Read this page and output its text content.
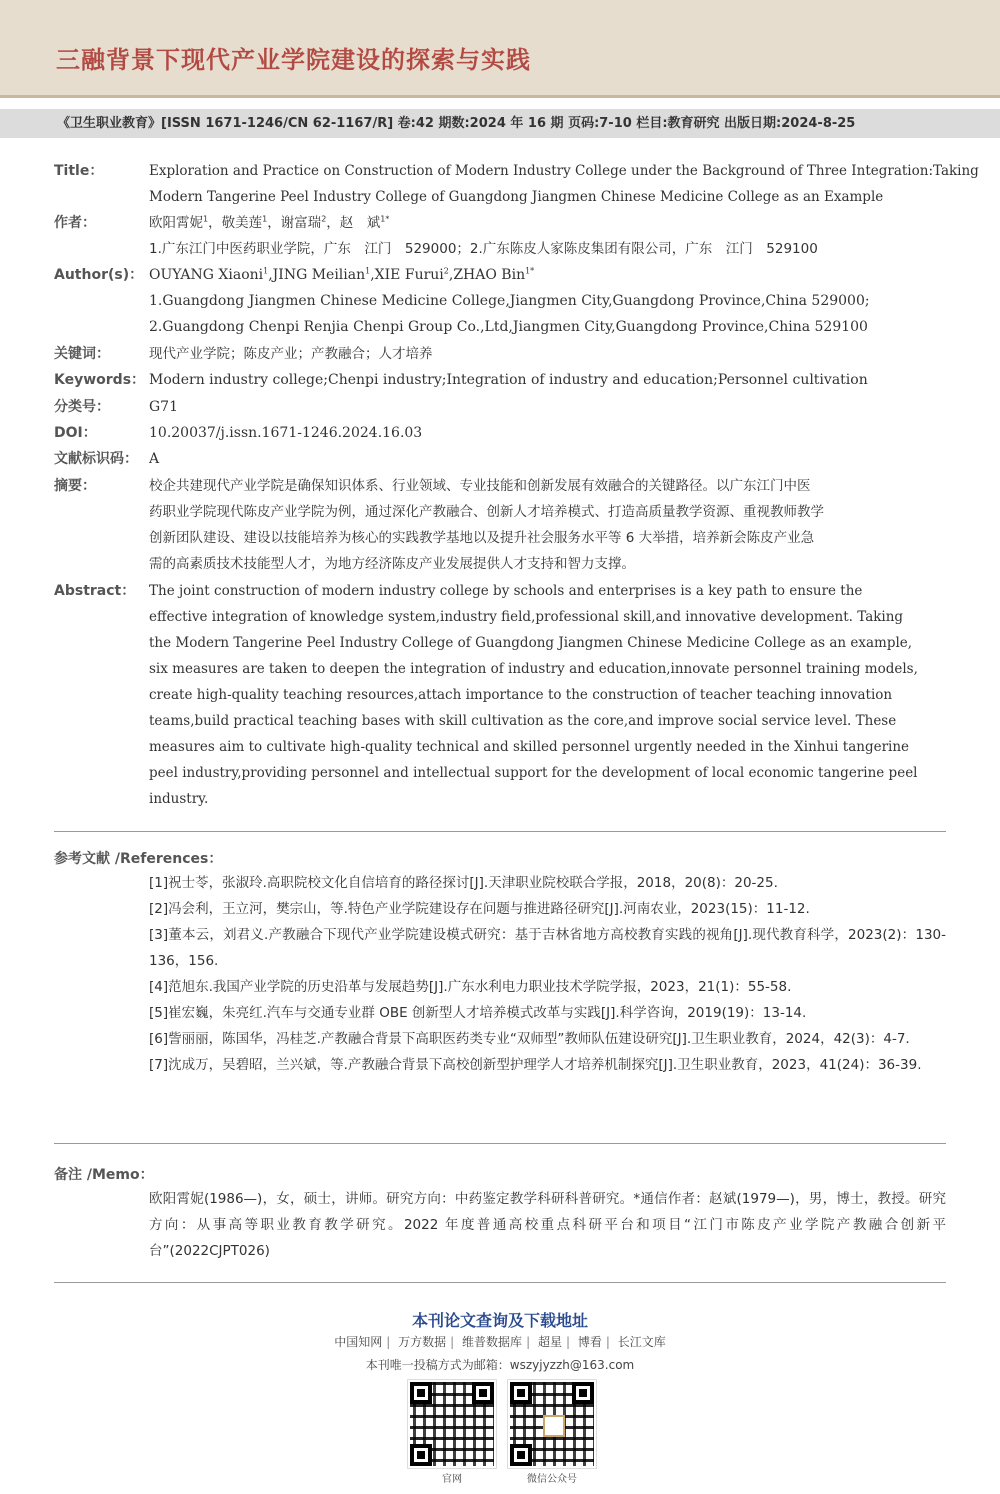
三融背景下现代产业学院建设的探索与实践
《卫生职业教育》[ISSN 1671-1246/CN 62-1167/R] 卷:42 期数:2024 年 16 期 页码:7-10 栏目:教育研究 出版日期:2024-8-25
Title：	Exploration and Practice on Construction of Modern Industry College under the Background of Three Integration:Taking
Modern Tangerine Peel Industry College of Guangdong Jiangmen Chinese Medicine College as an Example
作者：	欧阳霄妮$^1$，敬美莲$^1$，谢富瑞$^2$，赵　斌$^{1*}$
1.广东江门中医药职业学院，广东　江门　529000；2.广东陈皮人家陈皮集团有限公司，广东　江门　529100
Author(s)： OUYANG Xiaoni$^1$,JING Meilian$^1$,XIE Furui$^2$,ZHAO Bin$^{1*}$
1.Guangdong Jiangmen Chinese Medicine College,Jiangmen City,Guangdong Province,China 529000;
2.Guangdong Chenpi Renjia Chenpi Group Co.,Ltd,Jiangmen City,Guangdong Province,China 529100
关键词：	现代产业学院；陈皮产业；产教融合；人才培养
Keywords： Modern industry college;Chenpi industry;Integration of industry and education;Personnel cultivation
分类号：	G71
DOI：	10.20037/j.issn.1671-1246.2024.16.03
文献标识码： A
摘要：	校企共建现代产业学院是确保知识体系、行业领域、专业技能和创新发展有效融合的关键路径。以广东江门中医
药职业学院现代陈皮产业学院为例，通过深化产教融合、创新人才培养模式、打造高质量教学资源、重视教师教学
创新团队建设、建设以技能培养为核心的实践教学基地以及提升社会服务水平等 6 大举措，培养新会陈皮产业急
需的高素质技术技能型人才，为地方经济陈皮产业发展提供人才支持和智力支撑。
Abstract： The joint construction of modern industry college by schools and enterprises is a key path to ensure the
effective integration of knowledge system,industry field,professional skill,and innovative development. Taking
the Modern Tangerine Peel Industry College of Guangdong Jiangmen Chinese Medicine College as an example,
six measures are taken to deepen the integration of industry and education,innovate personnel training models,
create high-quality teaching resources,attach importance to the construction of teacher teaching innovation
teams,build practical teaching bases with skill cultivation as the core,and improve social service level. These
measures aim to cultivate high-quality technical and skilled personnel urgently needed in the Xinhui tangerine
peel industry,providing personnel and intellectual support for the development of local economic tangerine peel
industry.
参考文献 /References：
[1]祝士苓，张淑玲.高职院校文化自信培育的路径探讨[J].天津职业院校联合学报，2018，20(8)：20-25.
[2]冯会利，王立河，樊宗山，等.特色产业学院建设存在问题与推进路径研究[J].河南农业，2023(15)：11-12.
[3]董本云，刘君义.产教融合下现代产业学院建设模式研究：基于吉林省地方高校教育实践的视角[J].现代教育科学，2023(2)：130-136，156.
[4]范旭东.我国产业学院的历史沿革与发展趋势[J].广东水利电力职业技术学院学报，2023，21(1)：55-58.
[5]崔宏巍，朱亮红.汽车与交通专业群 OBE 创新型人才培养模式改革与实践[J].科学咨询，2019(19)：13-14.
[6]訾丽丽，陈国华，冯桂芝.产教融合背景下高职医药类专业“双师型”教师队伍建设研究[J].卫生职业教育，2024，42(3)：4-7.
[7]沈成万，吴碧昭，兰兴斌，等.产教融合背景下高校创新型护理学人才培养机制探究[J].卫生职业教育，2023，41(24)：36-39.
备注 /Memo：
欧阳霄妮(1986—)，女，硕士，讲师。研究方向：中药鉴定教学科研科普研究。*通信作者：赵斌(1979—)，男，博士，教授。研究方向：从事高等职业教育教学研究。2022 年度普通高校重点科研平台和项目“江门市陈皮产业学院产教融合创新平台”(2022CJPT026)
本刊论文查询及下载地址
中国知网 | 万方数据 | 维普数据库 | 超星 | 博看 | 长江文库
本刊唯一投稿方式为邮箱：wszyjyzzh@163.com
官网	微信公众号
